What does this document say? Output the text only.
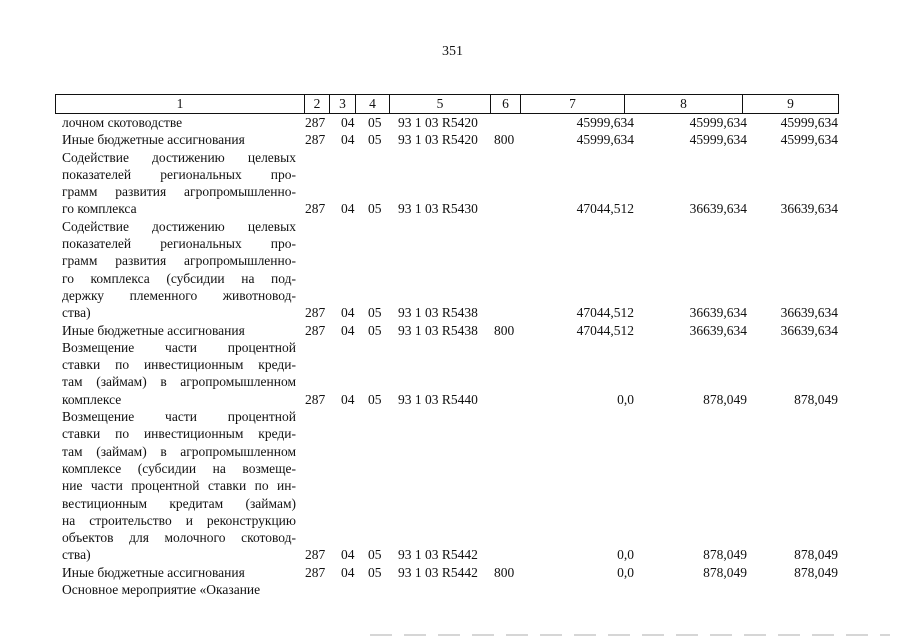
351
1	2	3	4	5	6	7	8	9
лочном скотоводстве	287 04 05 93 1 03 R5420	45999,634	45999,634 45999,634
Иные бюджетные ассигнования	287 04 05 93 1 03 R5420 800	45999,634	45999,634 45999,634
Содействие достижению целевых
показателей региональных про-
грамм развития агропромышленно-
го комплекса	287 04 05 93 1 03 R5430	47044,512	36639,634 36639,634
Содействие достижению целевых
показателей региональных про-
грамм развития агропромышленно-
го комплекса (субсидии на под-
держку племенного животновод-
ства)	287 04 05 93 1 03 R5438	47044,512	36639,634 36639,634
Иные бюджетные ассигнования	287 04 05 93 1 03 R5438 800	47044,512	36639,634 36639,634
Возмещение части процентной
ставки по инвестиционным креди-
там (займам) в агропромышленном
комплексе	287 04 05 93 1 03 R5440	0,0	878,049	878,049
Возмещение части процентной
ставки по инвестиционным креди-
там (займам) в агропромышленном
комплексе (субсидии на возмеще-
ние части процентной ставки по ин-
вестиционным кредитам (займам)
на строительство и реконструкцию
объектов для молочного скотовод-
ства)	287 04 05 93 1 03 R5442	0,0	878,049	878,049
Иные бюджетные ассигнования	287 04 05 93 1 03 R5442 800	0,0	878,049	878,049
Основное мероприятие «Оказание
